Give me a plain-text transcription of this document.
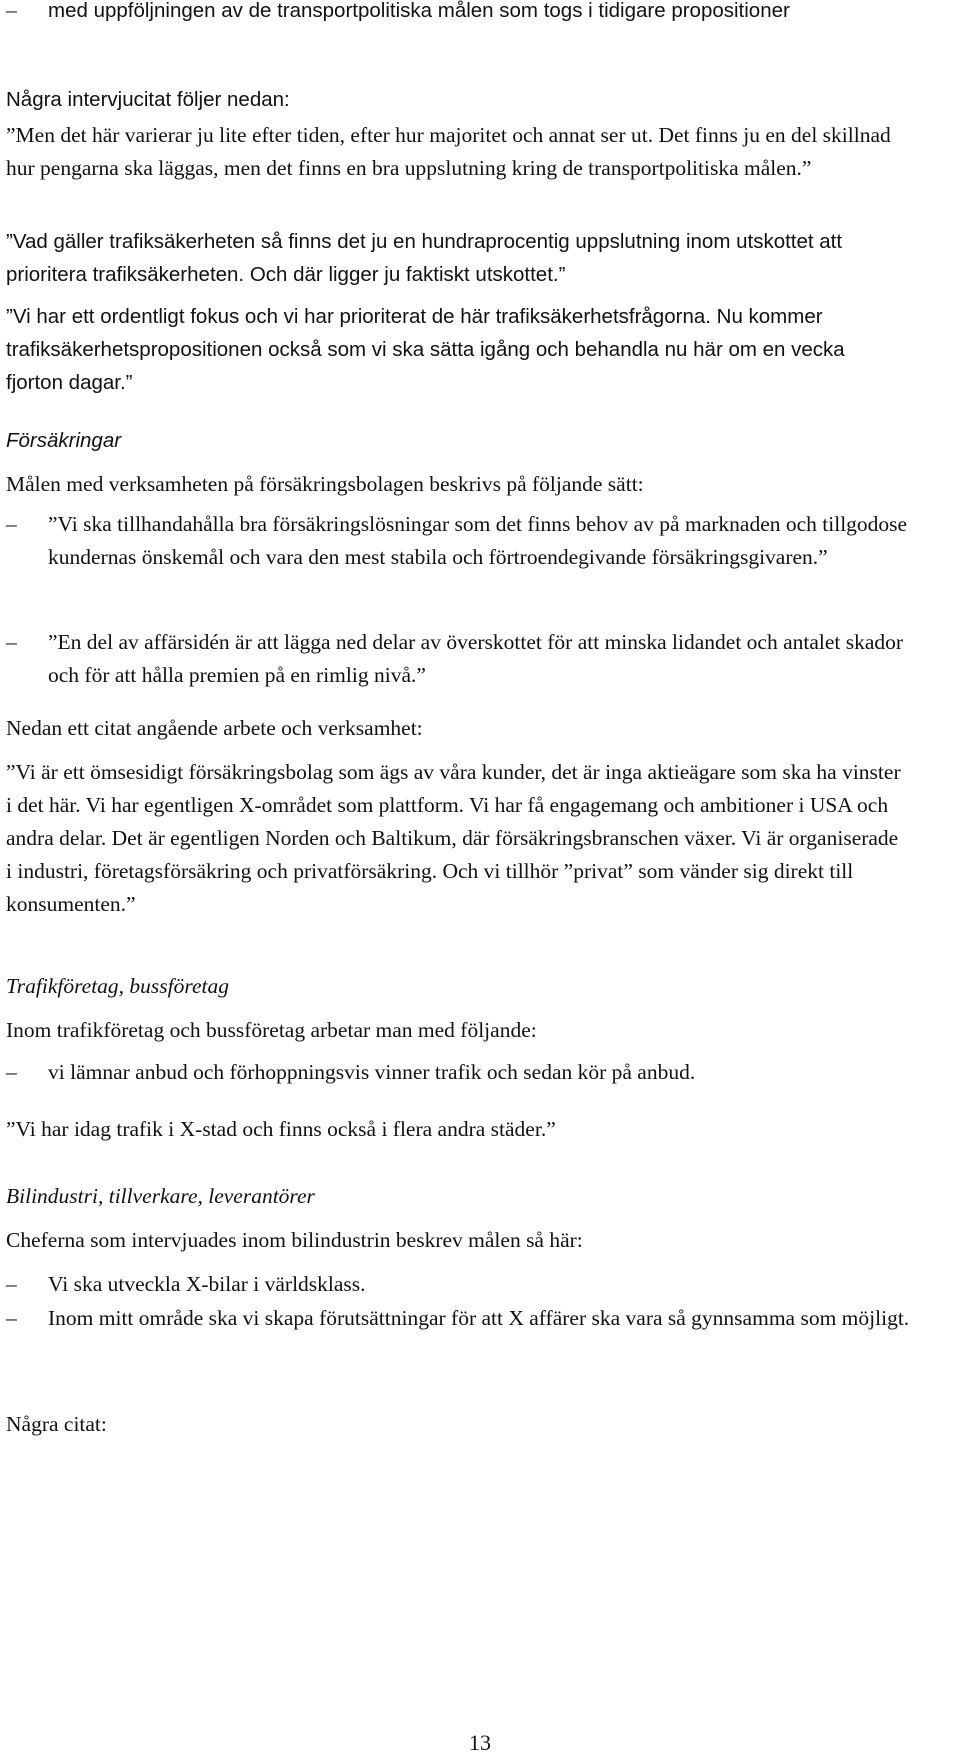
–	med uppföljningen av de transportpolitiska målen som togs i tidigare propositioner

Några intervjucitat följer nedan:

”Men det här varierar ju lite efter tiden, efter hur majoritet och annat ser ut. Det finns ju en del skillnad hur pengarna ska läggas, men det finns en bra uppslutning kring de transportpolitiska målen.”

”Vad gäller trafiksäkerheten så finns det ju en hundraprocentig uppslutning inom utskottet att prioritera trafiksäkerheten. Och där ligger ju faktiskt utskottet.”

”Vi har ett ordentligt fokus och vi har prioriterat de här trafiksäkerhetsfrågorna. Nu kommer trafiksäkerhetspropositionen också som vi ska sätta igång och behandla nu här om en vecka fjorton dagar.”

Försäkringar

Målen med verksamheten på försäkringsbolagen beskrivs på följande sätt:

–	”Vi ska tillhandahålla bra försäkringslösningar som det finns behov av på marknaden och tillgodose kundernas önskemål och vara den mest stabila och förtroendegivande försäkringsgivaren.”

–	”En del av affärsidén är att lägga ned delar av överskottet för att minska lidandet och antalet skador och för att hålla premien på en rimlig nivå.”

Nedan ett citat angående arbete och verksamhet:

”Vi är ett ömsesidigt försäkringsbolag som ägs av våra kunder, det är inga aktieägare som ska ha vinster i det här. Vi har egentligen X-området som plattform. Vi har få engagemang och ambitioner i USA och andra delar. Det är egentligen Norden och Baltikum, där försäkringsbranschen växer. Vi är organiserade i industri, företagsförsäkring och privatförsäkring. Och vi tillhör ”privat” som vänder sig direkt till konsumenten.”

Trafikföretag, bussföretag

Inom trafikföretag och bussföretag arbetar man med följande:

–	vi lämnar anbud och förhoppningsvis vinner trafik och sedan kör på anbud.

”Vi har idag trafik i X-stad och finns också i flera andra städer.”

Bilindustri, tillverkare, leverantörer

Cheferna som intervjuades inom bilindustrin beskrev målen så här:

–	Vi ska utveckla X-bilar i världsklass.

–	Inom mitt område ska vi skapa förutsättningar för att X affärer ska vara så gynnsamma som möjligt.

Några citat:

13
